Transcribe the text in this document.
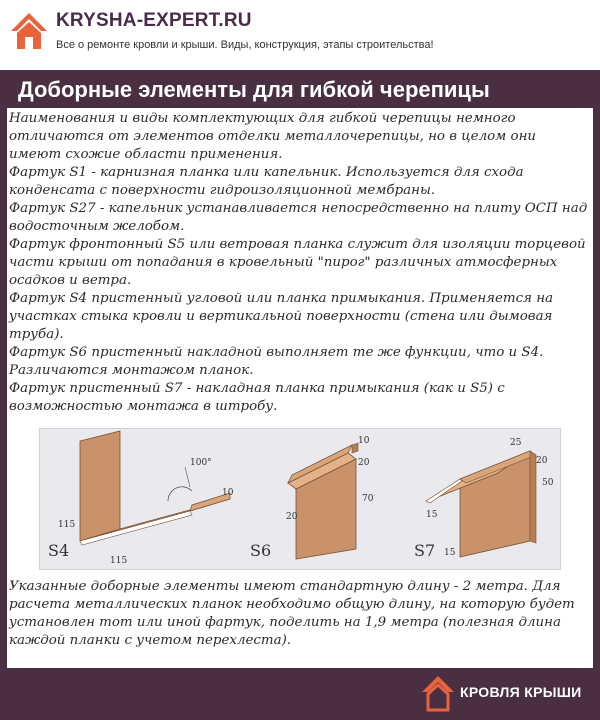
KRYSHA-EXPERT.RU
Все о ремонте кровли и крыши. Виды, конструкция, этапы строительства!
Доборные элементы для гибкой черепицы

Наименования и виды комплектующих для гибкой черепицы немного отличаются от элементов отделки металлочерепицы, но в целом они имеют схожие области применения.

Фартук S1 - карнизная планка или капельник. Используется для схода конденсата с поверхности гидроизоляционной мембраны.

Фартук S27 - капельник устанавливается непосредственно на плиту ОСП над водосточным желобом.

Фартук фронтонный S5 или ветровая планка служит для изоляции торцевой части крыши от попадания в кровельный "пирог" различных атмосферных осадков и ветра.

Фартук S4 пристенный угловой или планка примыкания. Применяется на участках стыка кровли и вертикальной поверхности (стена или дымовая труба).

Фартук S6 пристенный накладной выполняет те же функции, что и S4. Различаются монтажом планок.

Фартук пристенный S7 - накладная планка примыкания (как и S5) с возможностью монтажа в штробу.

S4
100°
10
115
115
S6
10
20
70
20
S7
25
20
50
15
15
Указанные доборные элементы имеют стандартную длину - 2 метра. Для расчета металлических планок необходимо общую длину, на которую будет установлен тот или иной фартук, поделить на 1,9 метра (полезная длина каждой планки с учетом перехлеста).
КРОВЛЯ КРЫШИ
